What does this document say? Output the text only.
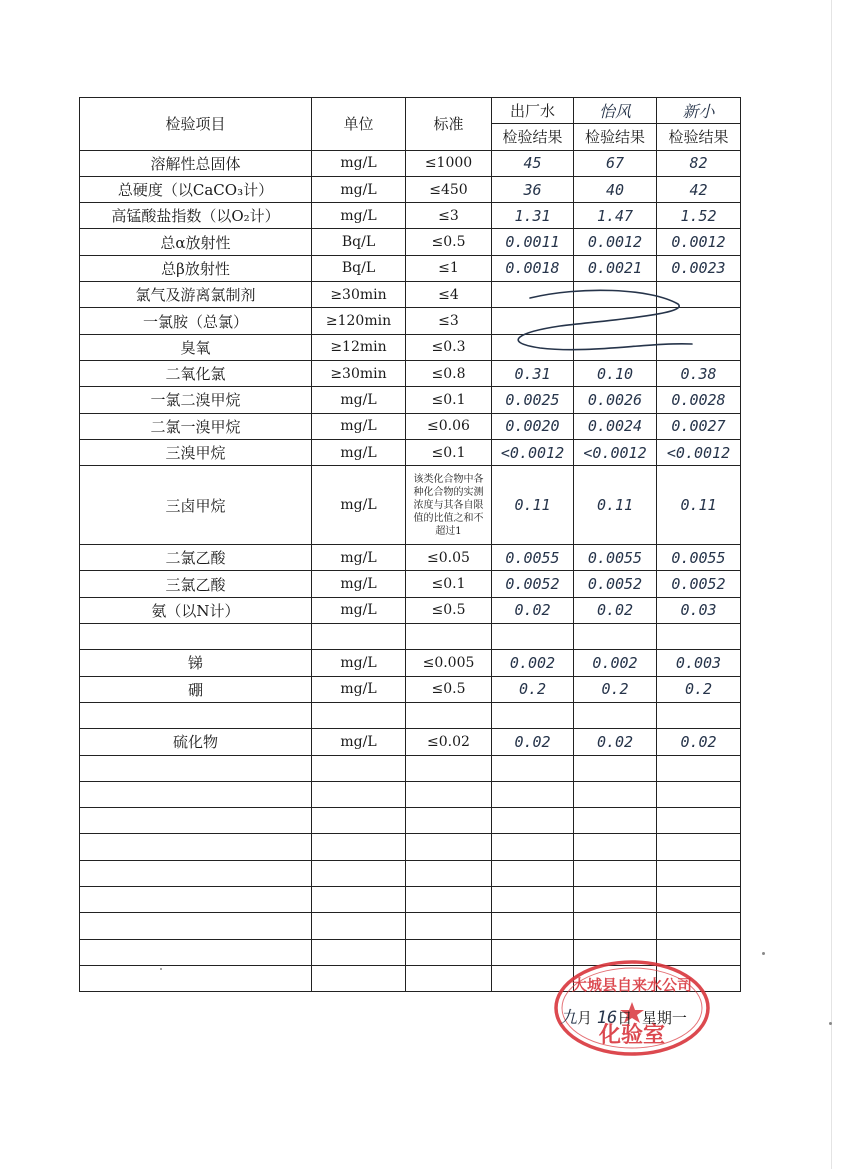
检验项目	单位	标准	出厂水	怡风	新小
			检验结果	检验结果	检验结果
溶解性总固体	mg/L	≤1000	45	67	82
总硬度（以CaCO₃计）	mg/L	≤450	36	40	42
高锰酸盐指数（以O₂计）	mg/L	≤3	1.31	1.47	1.52
总α放射性	Bq/L	≤0.5	0.0011	0.0012	0.0012
总β放射性	Bq/L	≤1	0.0018	0.0021	0.0023
氯气及游离氯制剂	≥30min	≤4			
一氯胺（总氯）	≥120min	≤3			
臭氧	≥12min	≤0.3			
二氧化氯	≥30min	≤0.8	0.31	0.10	0.38
一氯二溴甲烷	mg/L	≤0.1	0.0025	0.0026	0.0028
二氯一溴甲烷	mg/L	≤0.06	0.0020	0.0024	0.0027
三溴甲烷	mg/L	≤0.1	<0.0012	<0.0012	<0.0012
三卤甲烷	mg/L	该类化合物中各种化合物的实测浓度与其各自限值的比值之和不超过1	0.11	0.11	0.11
二氯乙酸	mg/L	≤0.05	0.0055	0.0055	0.0055
三氯乙酸	mg/L	≤0.1	0.0052	0.0052	0.0052
氨（以N计）	mg/L	≤0.5	0.02	0.02	0.03

锑	mg/L	≤0.005	0.002	0.002	0.003
硼	mg/L	≤0.5	0.2	0.2	0.2

硫化物	mg/L	≤0.02	0.02	0.02	0.02

大城县自来水公司
化验室
九月 16日 星期一
